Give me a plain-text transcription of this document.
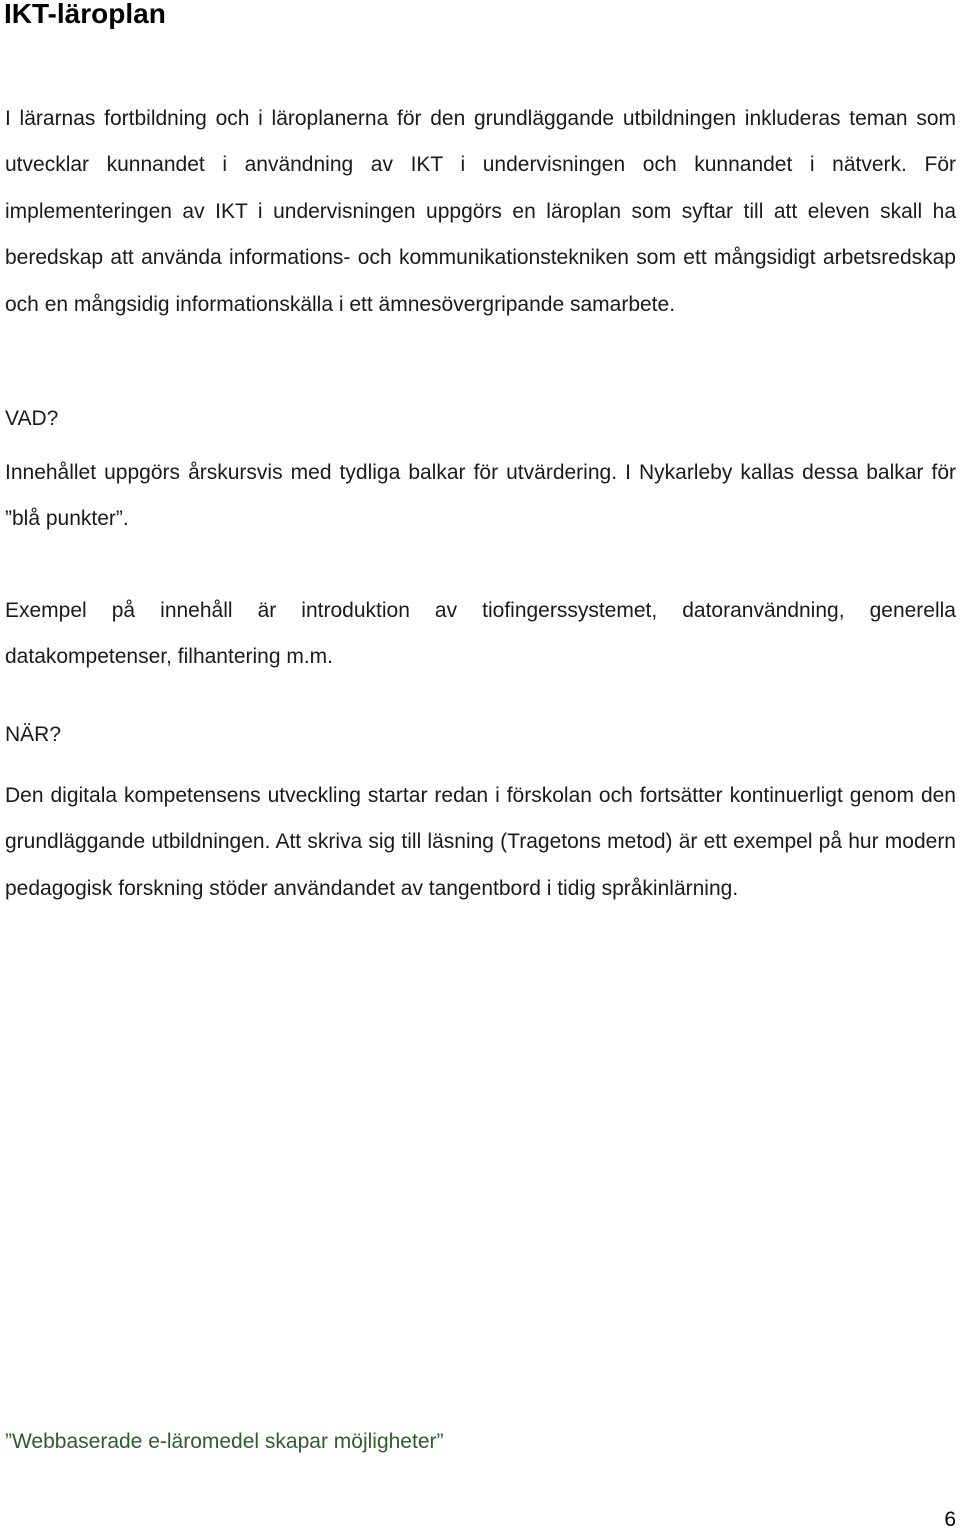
IKT-läroplan

I lärarnas fortbildning och i läroplanerna för den grundläggande utbildningen inkluderas teman som utvecklar kunnandet i användning av IKT i undervisningen och kunnandet i nätverk. För implementeringen av IKT i undervisningen uppgörs en läroplan som syftar till att eleven skall ha beredskap att använda informations- och kommunikationstekniken som ett mångsidigt arbetsredskap och en mångsidig informationskälla i ett ämnesövergripande samarbete.

VAD?

Innehållet uppgörs årskursvis med tydliga balkar för utvärdering. I Nykarleby kallas dessa balkar för ”blå punkter”.

Exempel på innehåll är introduktion av tiofingerssystemet, datoranvändning, generella datakompetenser, filhantering m.m.

NÄR?

Den digitala kompetensens utveckling startar redan i förskolan och fortsätter kontinuerligt genom den grundläggande utbildningen. Att skriva sig till läsning (Tragetons metod) är ett exempel på hur modern pedagogisk forskning stöder användandet av tangentbord i tidig språkinlärning.

”Webbaserade e-läromedel skapar möjligheter”

6
